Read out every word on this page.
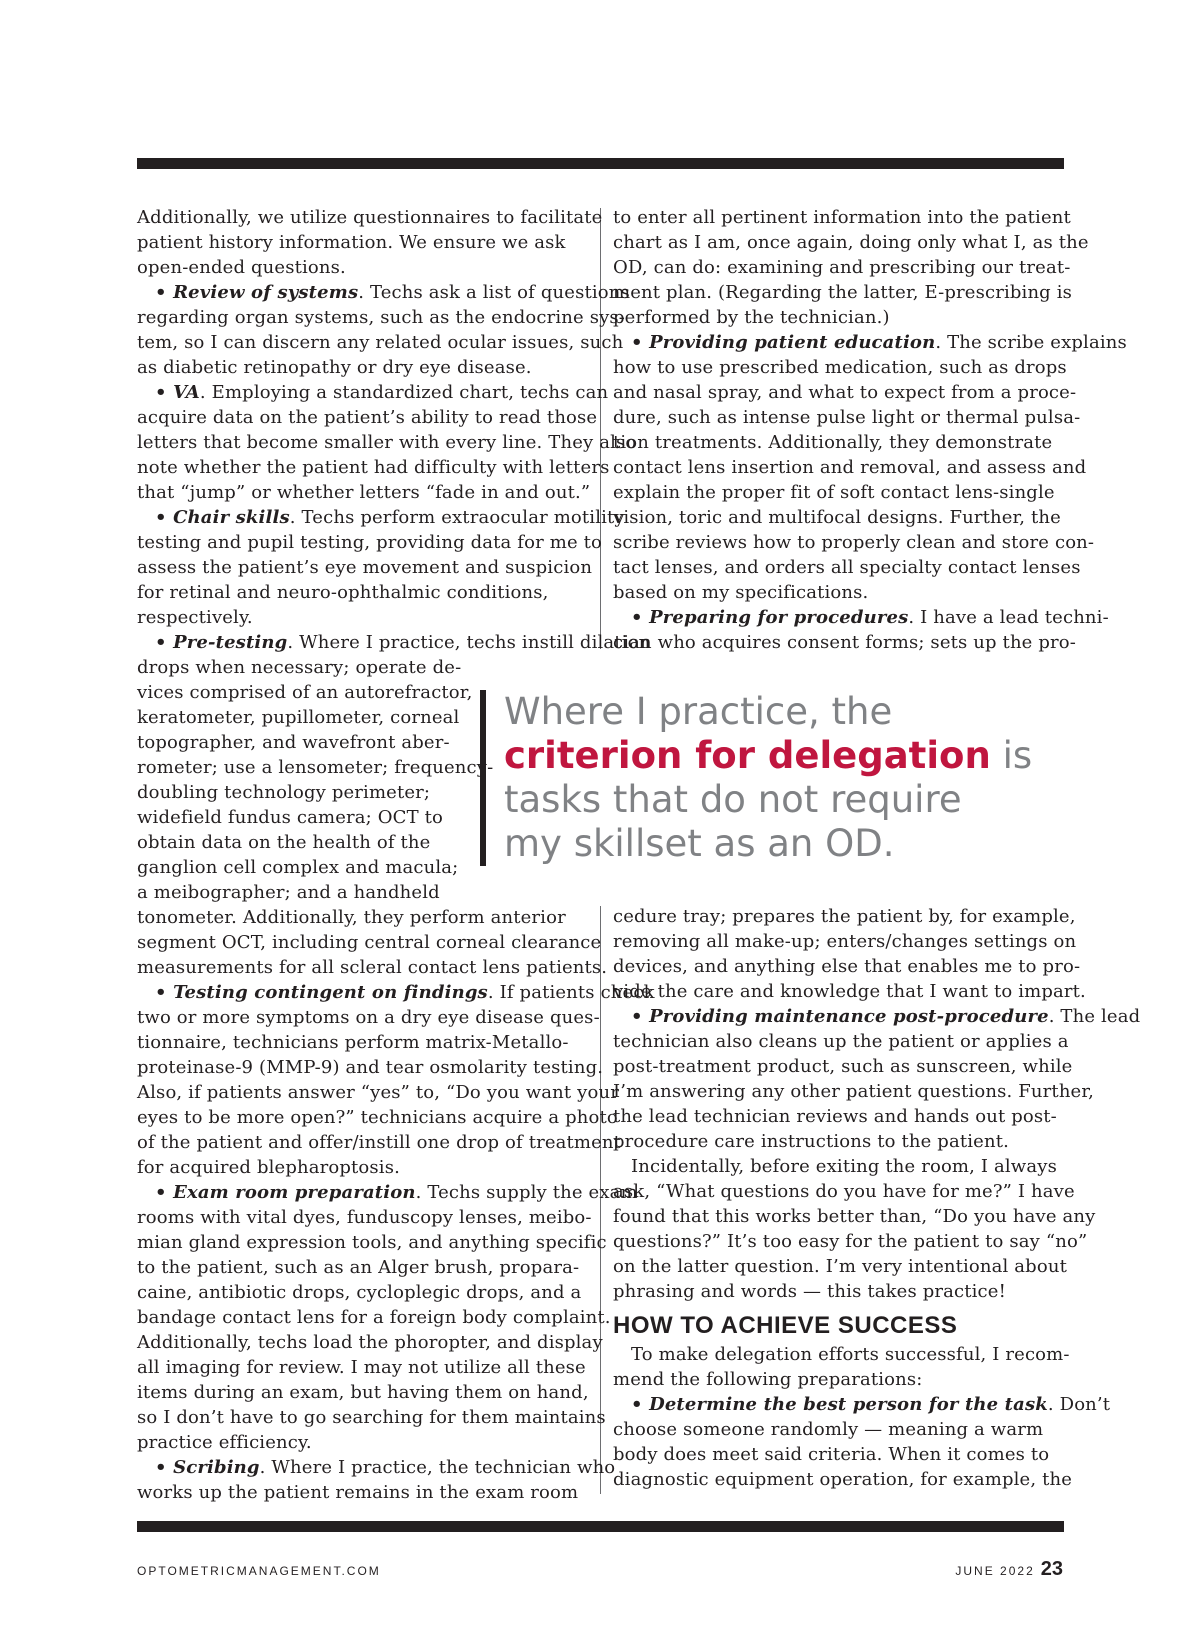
Additionally, we utilize questionnaires to facilitate
patient history information. We ensure we ask
open-ended questions.
• Review of systems. Techs ask a list of questions
regarding organ systems, such as the endocrine sys-
tem, so I can discern any related ocular issues, such
as diabetic retinopathy or dry eye disease.
• VA. Employing a standardized chart, techs can
acquire data on the patient’s ability to read those
letters that become smaller with every line. They also
note whether the patient had difficulty with letters
that “jump” or whether letters “fade in and out.”
• Chair skills. Techs perform extraocular motility
testing and pupil testing, providing data for me to
assess the patient’s eye movement and suspicion
for retinal and neuro-ophthalmic conditions,
respectively.
• Pre-testing. Where I practice, techs instill dilation
drops when necessary; operate de-
vices comprised of an autorefractor,
keratometer, pupillometer, corneal
topographer, and wavefront aber-
rometer; use a lensometer; frequency-
doubling technology perimeter;
widefield fundus camera; OCT to
obtain data on the health of the
ganglion cell complex and macula;
a meibographer; and a handheld
tonometer. Additionally, they perform anterior
segment OCT, including central corneal clearance
measurements for all scleral contact lens patients.
• Testing contingent on findings. If patients check
two or more symptoms on a dry eye disease ques-
tionnaire, technicians perform matrix-Metallo-
proteinase-9 (MMP-9) and tear osmolarity testing.
Also, if patients answer “yes” to, “Do you want your
eyes to be more open?” technicians acquire a photo
of the patient and offer/instill one drop of treatment
for acquired blepharoptosis.
• Exam room preparation. Techs supply the exam
rooms with vital dyes, funduscopy lenses, meibo-
mian gland expression tools, and anything specific
to the patient, such as an Alger brush, propara-
caine, antibiotic drops, cycloplegic drops, and a
bandage contact lens for a foreign body complaint.
Additionally, techs load the phoropter, and display
all imaging for review. I may not utilize all these
items during an exam, but having them on hand,
so I don’t have to go searching for them maintains
practice efficiency.
• Scribing. Where I practice, the technician who
works up the patient remains in the exam room
to enter all pertinent information into the patient
chart as I am, once again, doing only what I, as the
OD, can do: examining and prescribing our treat-
ment plan. (Regarding the latter, E-prescribing is
performed by the technician.)
• Providing patient education. The scribe explains
how to use prescribed medication, such as drops
and nasal spray, and what to expect from a proce-
dure, such as intense pulse light or thermal pulsa-
tion treatments. Additionally, they demonstrate
contact lens insertion and removal, and assess and
explain the proper fit of soft contact lens-single
vision, toric and multifocal designs. Further, the
scribe reviews how to properly clean and store con-
tact lenses, and orders all specialty contact lenses
based on my specifications.
• Preparing for procedures. I have a lead techni-
cian who acquires consent forms; sets up the pro-
Where I practice, the
criterion for delegation is
tasks that do not require
my skillset as an OD.
cedure tray; prepares the patient by, for example,
removing all make-up; enters/changes settings on
devices, and anything else that enables me to pro-
vide the care and knowledge that I want to impart.
• Providing maintenance post-procedure. The lead
technician also cleans up the patient or applies a
post-treatment product, such as sunscreen, while
I’m answering any other patient questions. Further,
the lead technician reviews and hands out post-
procedure care instructions to the patient.
Incidentally, before exiting the room, I always
ask, “What questions do you have for me?” I have
found that this works better than, “Do you have any
questions?” It’s too easy for the patient to say “no”
on the latter question. I’m very intentional about
phrasing and words — this takes practice!
HOW TO ACHIEVE SUCCESS
To make delegation efforts successful, I recom-
mend the following preparations:
• Determine the best person for the task. Don’t
choose someone randomly — meaning a warm
body does meet said criteria. When it comes to
diagnostic equipment operation, for example, the
OPTOMETRICMANAGEMENT.COM	JUNE 2022 23
